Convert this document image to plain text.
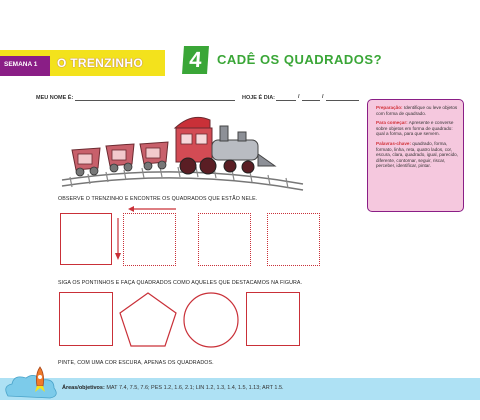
SEMANA 1 O TRENZINHO 4	CADÊ OS QUADRADOS?
MEU NOME É:	HOJE É DIA:	/	/

Preparação: Identifique ou leve objetos com forma de quadrado.

Para começar: Apresente e converse sobre objetos em forma de quadrado: qual a forma, para que servem.

Palavras-chave: quadrado, forma, formato, linha, reta, quatro lados, cor, escura, clara, quadrado, igual, parecido, diferente, contornar, seguir, riscar, perceber, identificar, pintar.

OBSERVE O TRENZINHO E ENCONTRE OS QUADRADOS QUE ESTÃO NELE.
SIGA OS PONTINHOS E FAÇA QUADRADOS COMO AQUELES QUE DESTACAMOS NA FIGURA.
PINTE, COM UMA COR ESCURA, APENAS OS QUADRADOS.
Áreas/objetivos: MAT 7.4, 7.5, 7.6; PES 1.2, 1.6, 2.1; LIN 1.2, 1.3, 1.4, 1.5, 1.13; ART 1.5.
